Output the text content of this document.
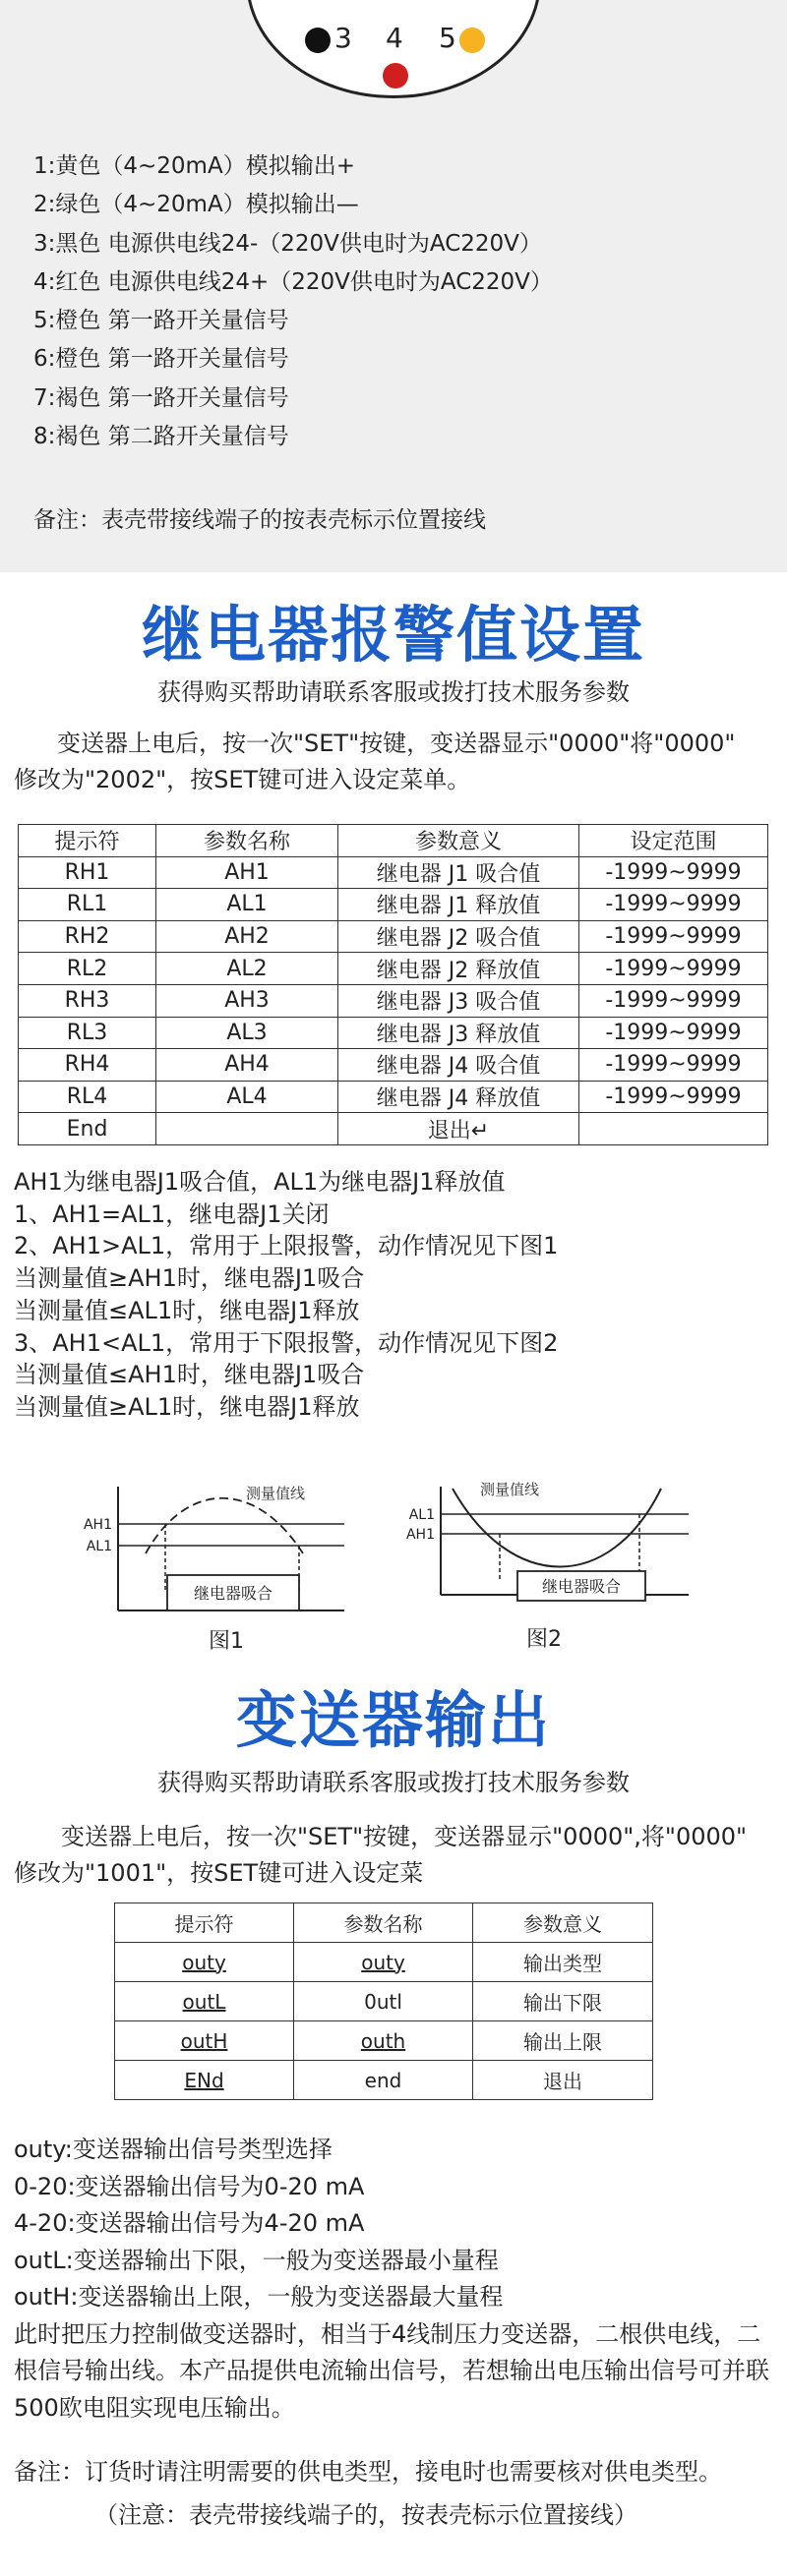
3 4 5
1:黄色（4~20mA）模拟输出+
2:绿色（4~20mA）模拟输出—
3:黑色 电源供电线24-（220V供电时为AC220V）
4:红色 电源供电线24+（220V供电时为AC220V）
5:橙色 第一路开关量信号
6:橙色 第一路开关量信号
7:褐色 第一路开关量信号
8:褐色 第二路开关量信号
备注：表壳带接线端子的按表壳标示位置接线
继电器报警值设置
获得购买帮助请联系客服或拨打技术服务参数
变送器上电后，按一次"SET"按键，变送器显示"0000"将"0000"
修改为"2002"，按SET键可进入设定菜单。
提示符	参数名称	参数意义	设定范围
RH1	AH1	继电器 J1 吸合值	-1999~9999
RL1	AL1	继电器 J1 释放值	-1999~9999
RH2	AH2	继电器 J2 吸合值	-1999~9999
RL2	AL2	继电器 J2 释放值	-1999~9999
RH3	AH3	继电器 J3 吸合值	-1999~9999
RL3	AL3	继电器 J3 释放值	-1999~9999
RH4	AH4	继电器 J4 吸合值	-1999~9999
RL4	AL4	继电器 J4 释放值	-1999~9999
End		退出↵	
AH1为继电器J1吸合值，AL1为继电器J1释放值
1、AH1=AL1，继电器J1关闭
2、AH1>AL1，常用于上限报警，动作情况见下图1
当测量值≥AH1时，继电器J1吸合
当测量值≤AL1时，继电器J1释放
3、AH1<AL1，常用于下限报警，动作情况见下图2
当测量值≤AH1时，继电器J1吸合
当测量值≥AL1时，继电器J1释放
继电器吸合
AH1
AL1
测量值线
图1
继电器吸合
AL1
AH1
测量值线
图2
变送器输出
获得购买帮助请联系客服或拨打技术服务参数
变送器上电后，按一次"SET"按键，变送器显示"0000",将"0000"
修改为"1001"，按SET键可进入设定菜
提示符	参数名称	参数意义
outy	outy	输出类型
outL	0utl	输出下限
outH	outh	输出上限
ENd	end	退出
outy:变送器输出信号类型选择
0-20:变送器输出信号为0-20 mA
4-20:变送器输出信号为4-20 mA
outL:变送器输出下限，一般为变送器最小量程
outH:变送器输出上限，一般为变送器最大量程
此时把压力控制做变送器时，相当于4线制压力变送器，二根供电线，二根信号输出线。本产品提供电流输出信号，若想输出电压输出信号可并联500欧电阻实现电压输出。
备注：订货时请注明需要的供电类型，接电时也需要核对供电类型。
（注意：表壳带接线端子的，按表壳标示位置接线）
